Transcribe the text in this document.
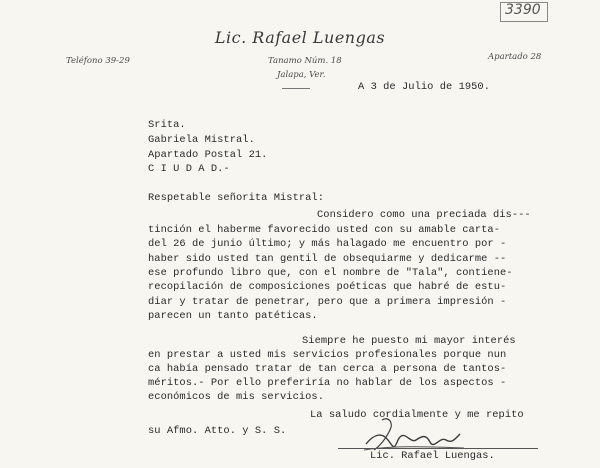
3390
Lic. Rafael Luengas
Tanamo Núm. 18
Jalapa, Ver.
Teléfono 39-29	Apartado 28
A 3 de Julio de 1950.
Srita.
Gabriela Mistral.
Apartado Postal 21.
C I U D A D.-
Respetable señorita Mistral:
Considero como una preciada dis---
tinción el haberme favorecido usted con su amable carta-
del 26 de junio último; y más halagado me encuentro por -
haber sido usted tan gentil de obsequiarme y dedicarme --
ese profundo libro que, con el nombre de "Tala", contiene-
recopilación de composiciones poéticas que habré de estu-
diar y tratar de penetrar, pero que a primera impresión -
parecen un tanto patéticas.
Siempre he puesto mi mayor interés
en prestar a usted mis servicios profesionales porque nun
ca había pensado tratar de tan cerca a persona de tantos-
méritos.- Por ello preferiría no hablar de los aspectos -
económicos de mis servicios.
La saludo cordialmente y me repito
su Afmo. Atto. y S. S.
Lic. Rafael Luengas.
